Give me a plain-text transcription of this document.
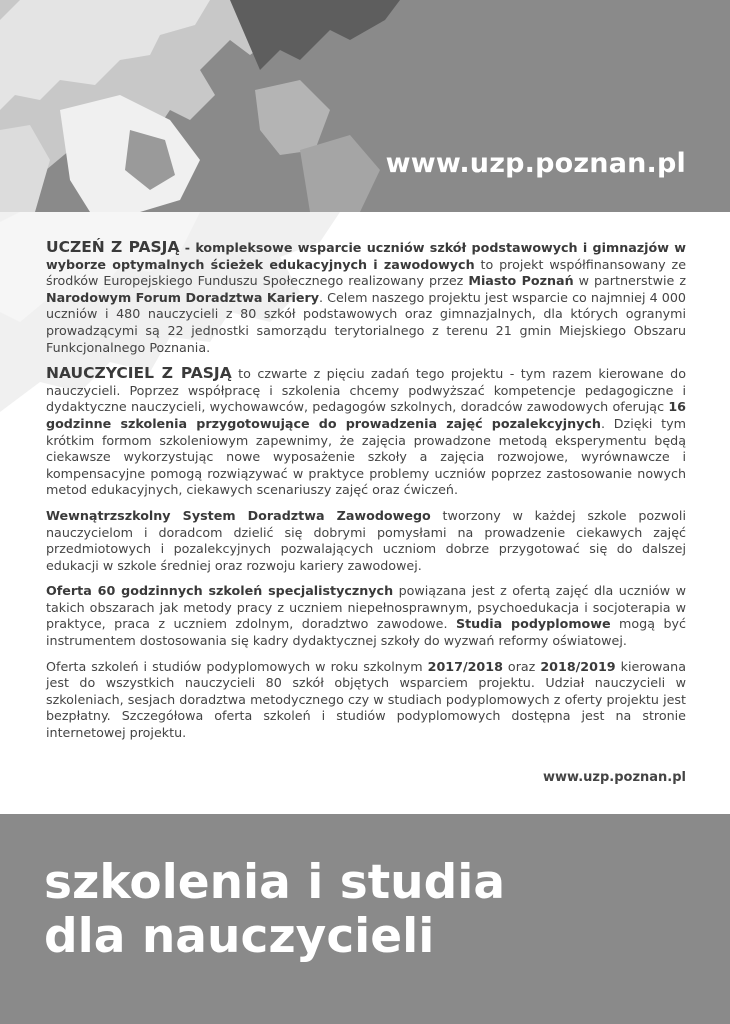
www.uzp.poznan.pl

UCZEŃ Z PASJĄ - kompleksowe wsparcie uczniów szkół podstawowych i gimnazjów w wyborze optymalnych ścieżek edukacyjnych i zawodowych to projekt współfinansowany ze środków Europejskiego Funduszu Społecznego realizowany przez Miasto Poznań w partnerstwie z Narodowym Forum Doradztwa Kariery. Celem naszego projektu jest wsparcie co najmniej 4 000 uczniów i 480 nauczycieli z 80 szkół podstawowych oraz gimnazjalnych, dla których ogranymi prowadzącymi są 22 jednostki samorządu terytorialnego z terenu 21 gmin Miejskiego Obszaru Funkcjonalnego Poznania.

NAUCZYCIEL Z PASJĄ to czwarte z pięciu zadań tego projektu - tym razem kierowane do nauczycieli. Poprzez współpracę i szkolenia chcemy podwyższać kompetencje pedagogiczne i dydaktyczne nauczycieli, wychowawców, pedagogów szkolnych, doradców zawodowych oferując 16 godzinne szkolenia przygotowujące do prowadzenia zajęć pozalekcyjnych. Dzięki tym krótkim formom szkoleniowym zapewnimy, że zajęcia prowadzone metodą eksperymentu będą ciekawsze wykorzystując nowe wyposażenie szkoły a zajęcia rozwojowe, wyrównawcze i kompensacyjne pomogą rozwiązywać w praktyce problemy uczniów poprzez zastosowanie nowych metod edukacyjnych, ciekawych scenariuszy zajęć oraz ćwiczeń.

Wewnątrzszkolny System Doradztwa Zawodowego tworzony w każdej szkole pozwoli nauczycielom i doradcom dzielić się dobrymi pomysłami na prowadzenie ciekawych zajęć przedmiotowych i pozalekcyjnych pozwalających uczniom dobrze przygotować się do dalszej edukacji w szkole średniej oraz rozwoju kariery zawodowej.

Oferta 60 godzinnych szkoleń specjalistycznych powiązana jest z ofertą zajęć dla uczniów w takich obszarach jak metody pracy z uczniem niepełnosprawnym, psychoedukacja i socjoterapia w praktyce, praca z uczniem zdolnym, doradztwo zawodowe. Studia podyplomowe mogą być instrumentem dostosowania się kadry dydaktycznej szkoły do wyzwań reformy oświatowej.

Oferta szkoleń i studiów podyplomowych w roku szkolnym 2017/2018 oraz 2018/2019 kierowana jest do wszystkich nauczycieli 80 szkół objętych wsparciem projektu. Udział nauczycieli w szkoleniach, sesjach doradztwa metodycznego czy w studiach podyplomowych z oferty projektu jest bezpłatny. Szczegółowa oferta szkoleń i studiów podyplomowych dostępna jest na stronie internetowej projektu.

www.uzp.poznan.pl
szkolenia i studia
dla nauczycieli
